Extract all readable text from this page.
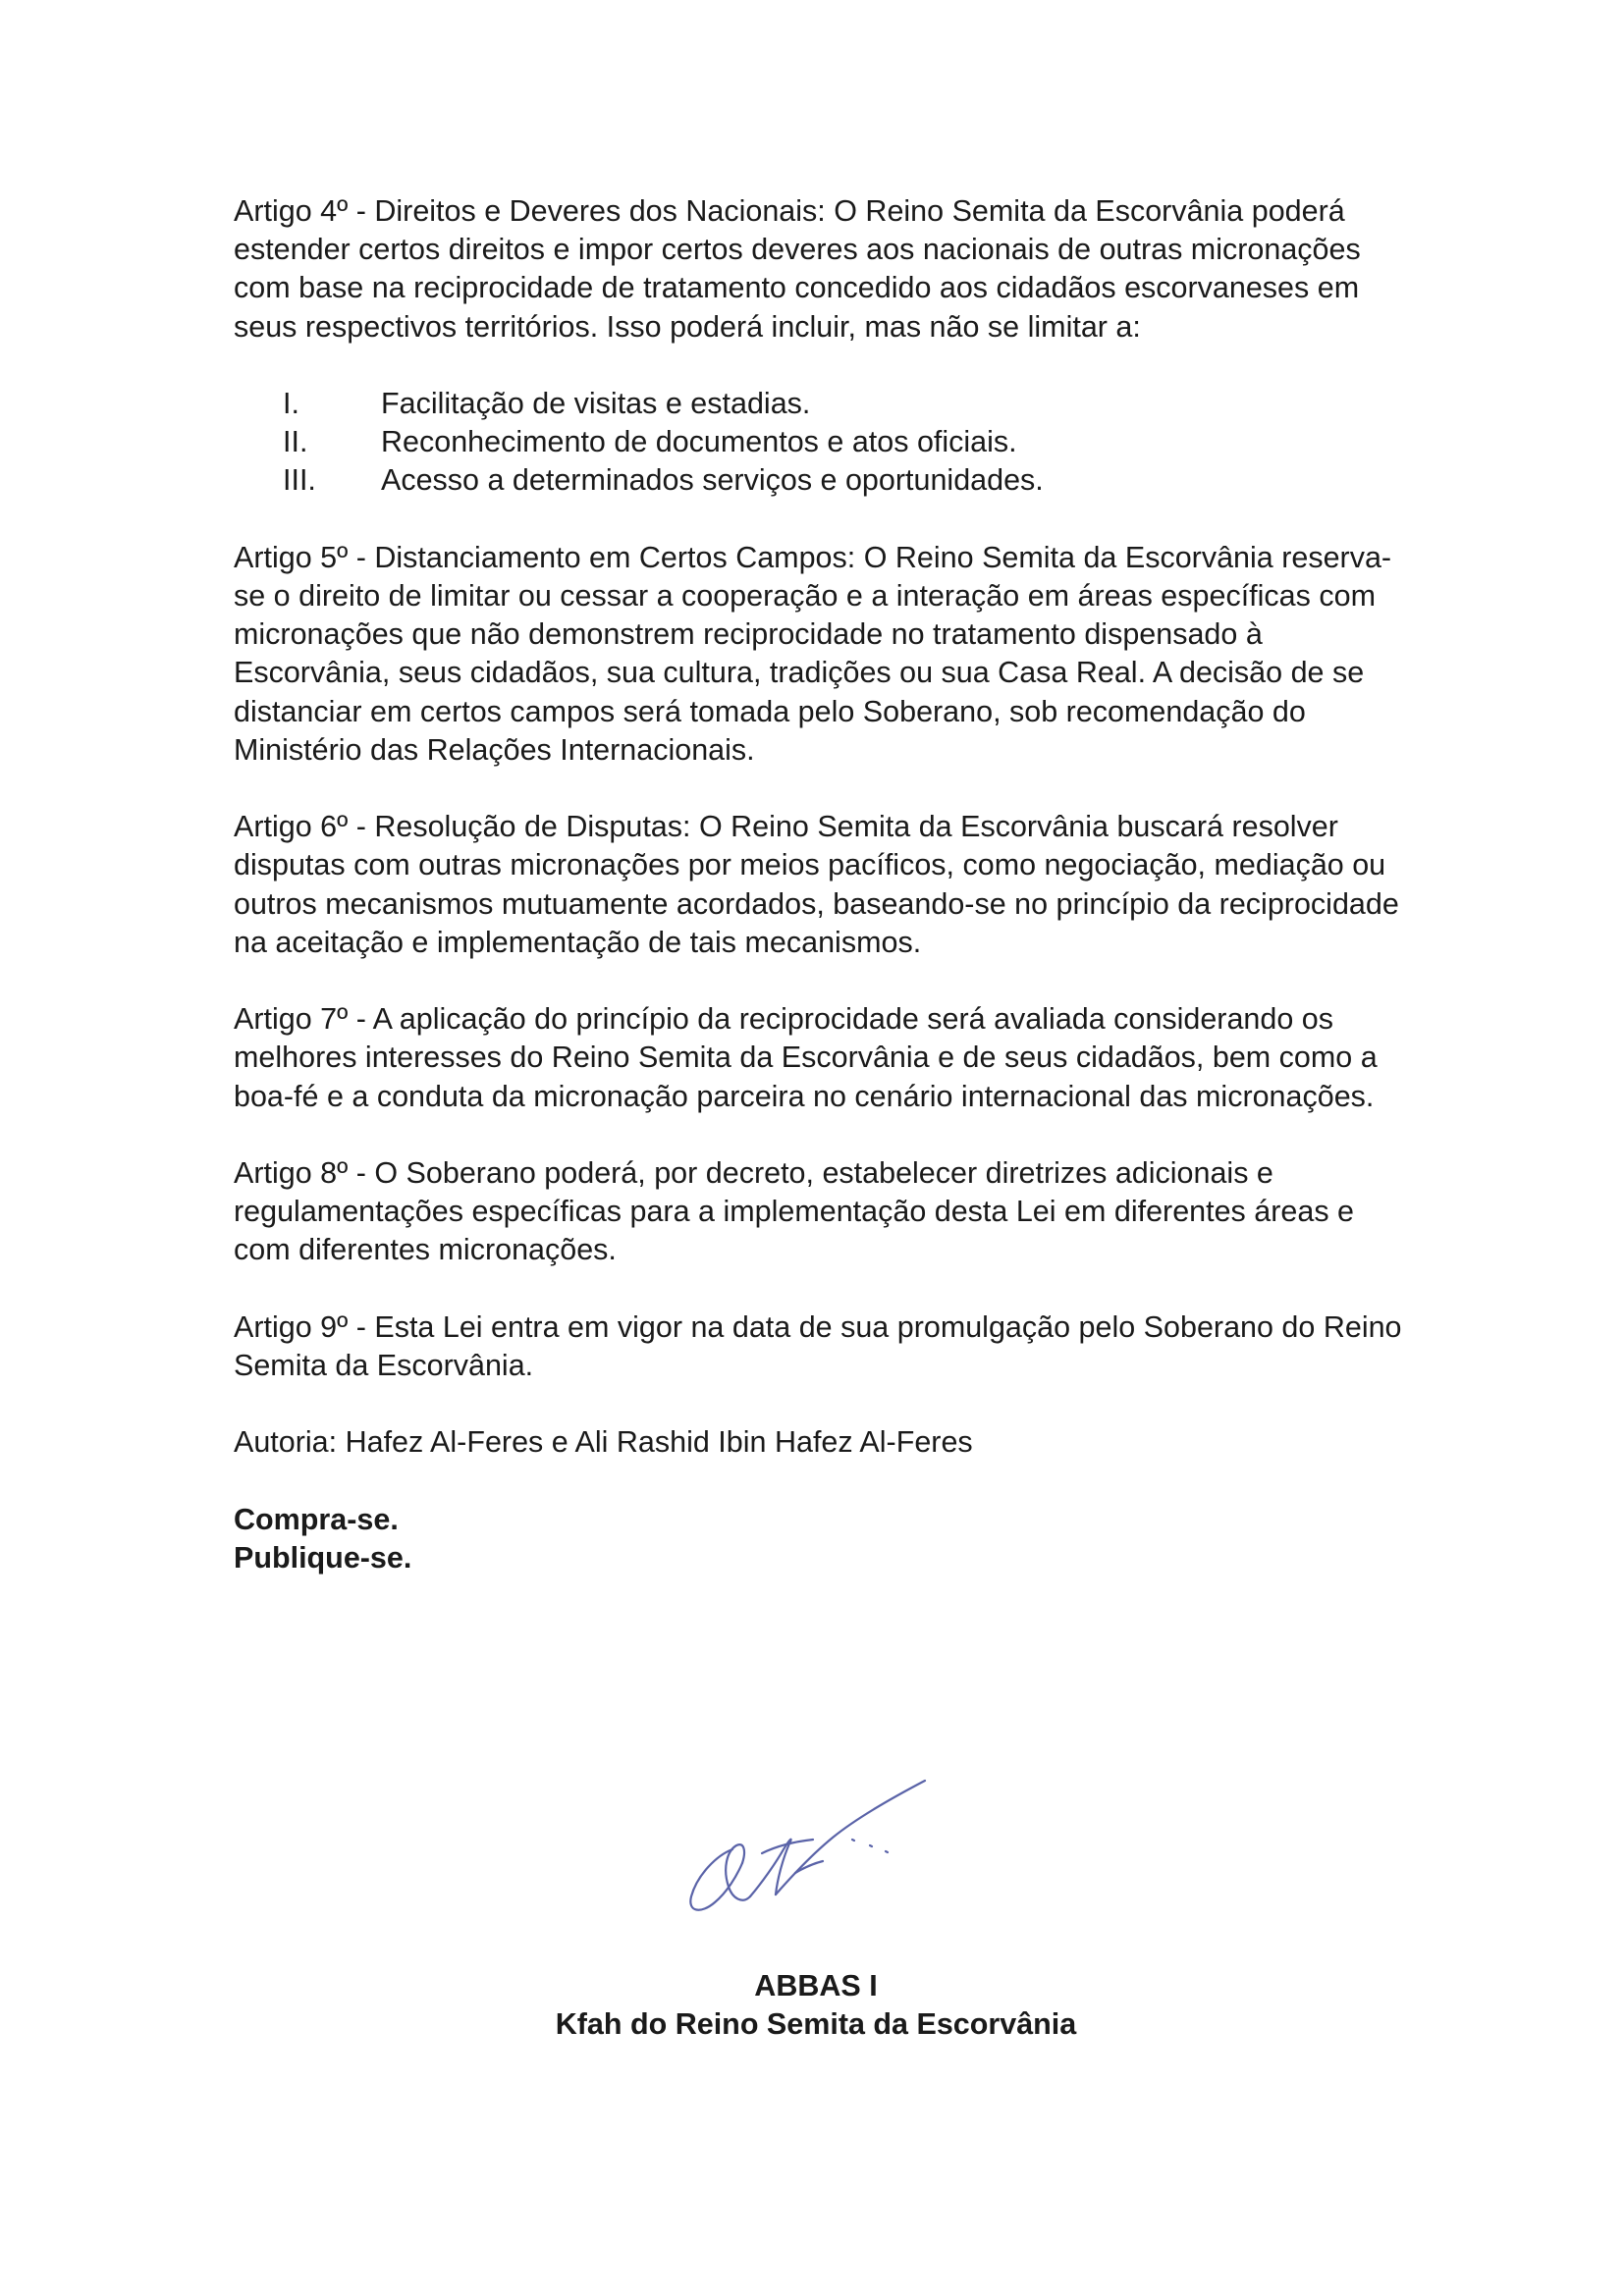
Artigo 4º - Direitos e Deveres dos Nacionais: O Reino Semita da Escorvânia poderá estender certos direitos e impor certos deveres aos nacionais de outras micronações com base na reciprocidade de tratamento concedido aos cidadãos escorvaneses em seus respectivos territórios. Isso poderá incluir, mas não se limitar a:

I.	Facilitação de visitas e estadias.
II. Reconhecimento de documentos e atos oficiais.
III. Acesso a determinados serviços e oportunidades.

Artigo 5º - Distanciamento em Certos Campos: O Reino Semita da Escorvânia reserva-se o direito de limitar ou cessar a cooperação e a interação em áreas específicas com micronações que não demonstrem reciprocidade no tratamento dispensado à Escorvânia, seus cidadãos, sua cultura, tradições ou sua Casa Real. A decisão de se distanciar em certos campos será tomada pelo Soberano, sob recomendação do Ministério das Relações Internacionais.

Artigo 6º - Resolução de Disputas: O Reino Semita da Escorvânia buscará resolver disputas com outras micronações por meios pacíficos, como negociação, mediação ou outros mecanismos mutuamente acordados, baseando-se no princípio da reciprocidade na aceitação e implementação de tais mecanismos.

Artigo 7º - A aplicação do princípio da reciprocidade será avaliada considerando os melhores interesses do Reino Semita da Escorvânia e de seus cidadãos, bem como a boa-fé e a conduta da micronação parceira no cenário internacional das micronações.

Artigo 8º - O Soberano poderá, por decreto, estabelecer diretrizes adicionais e regulamentações específicas para a implementação desta Lei em diferentes áreas e com diferentes micronações.

Artigo 9º - Esta Lei entra em vigor na data de sua promulgação pelo Soberano do Reino Semita da Escorvânia.

Autoria: Hafez Al-Feres e Ali Rashid Ibin Hafez Al-Feres

Compra-se.

Publique-se.

ABBAS I
Kfah do Reino Semita da Escorvânia
